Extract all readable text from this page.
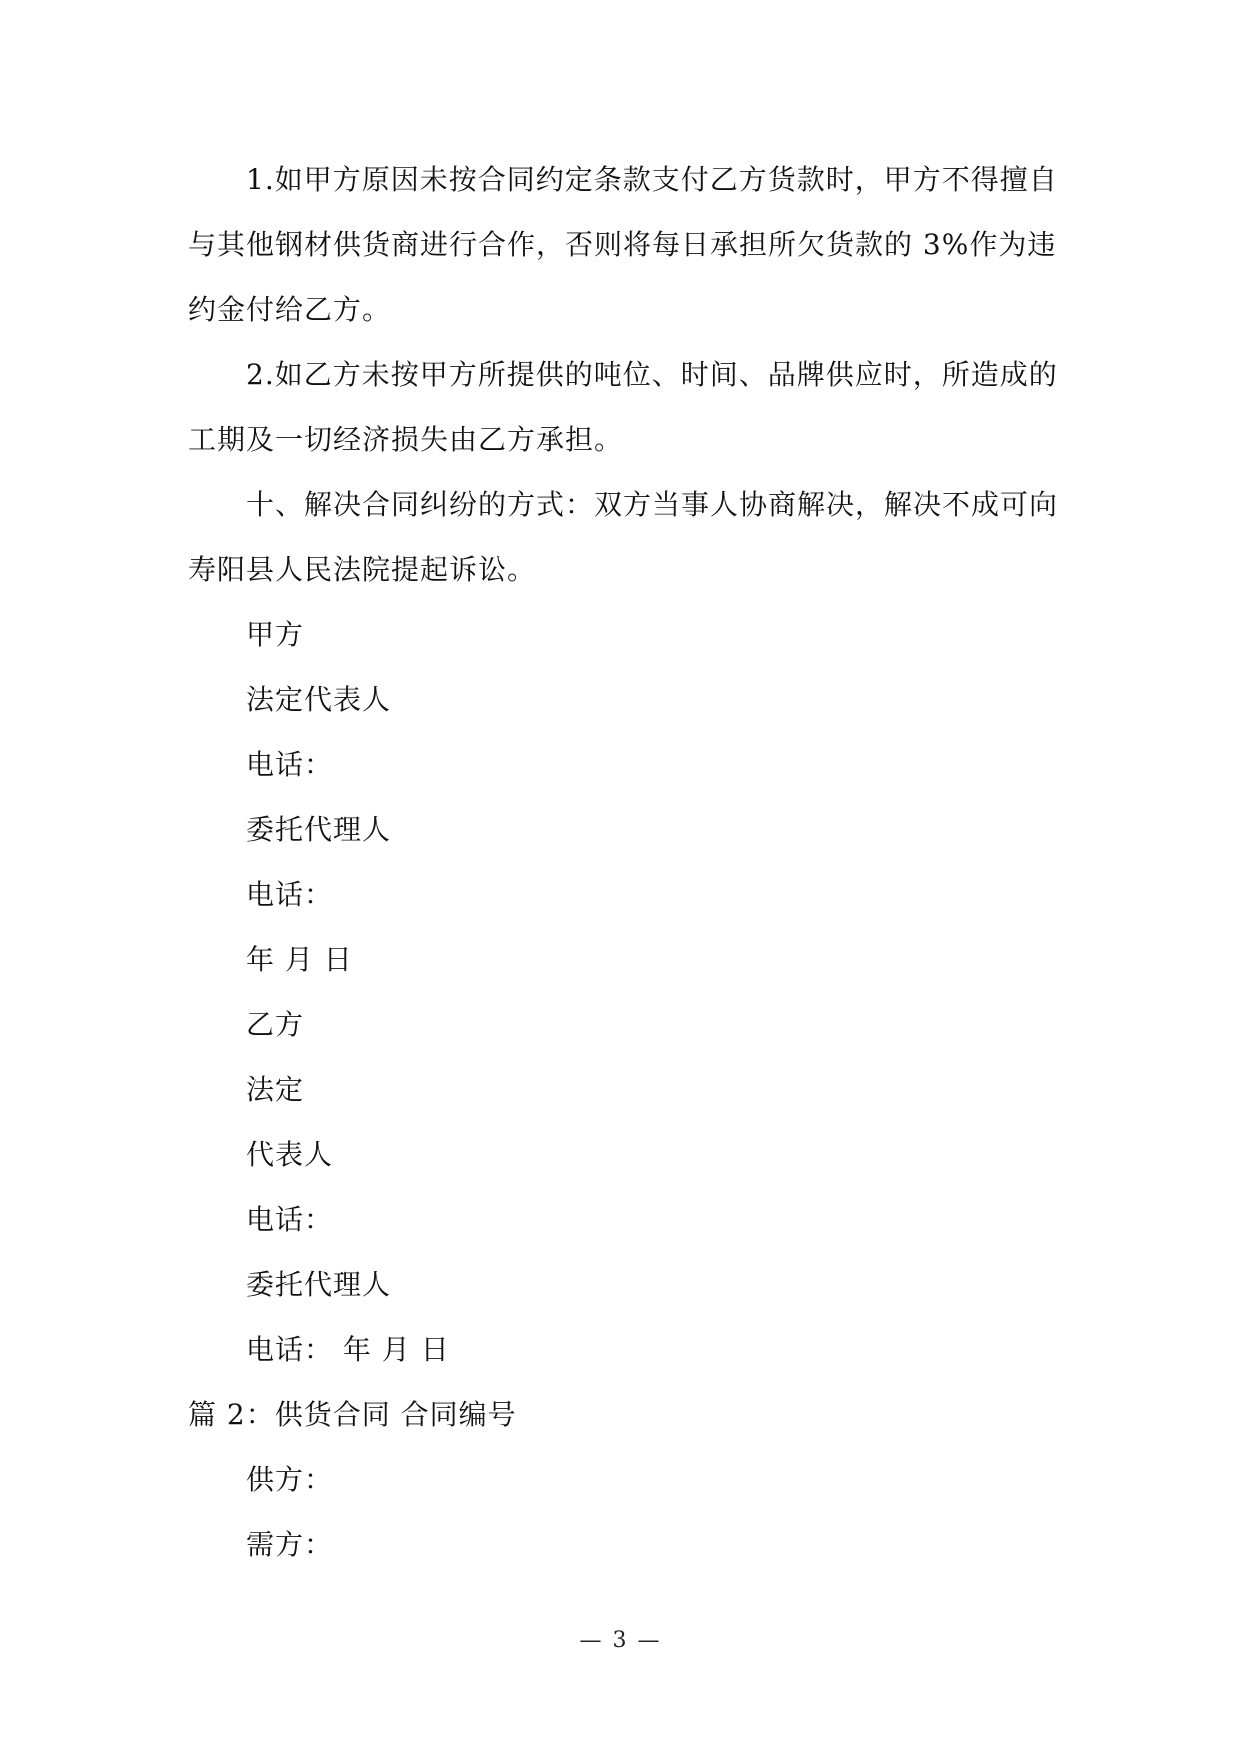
1.如甲方原因未按合同约定条款支付乙方货款时，甲方不得擅自
与其他钢材供货商进行合作，否则将每日承担所欠货款的 3%作为违
约金付给乙方。
2.如乙方未按甲方所提供的吨位、时间、品牌供应时，所造成的
工期及一切经济损失由乙方承担。
十、解决合同纠纷的方式：双方当事人协商解决，解决不成可向
寿阳县人民法院提起诉讼。
甲方
法定代表人
电话：
委托代理人
电话：
年 月 日
乙方
法定
代表人
电话：
委托代理人
电话： 年 月 日
篇 2：供货合同 合同编号
供方：
需方：
— 3 —
